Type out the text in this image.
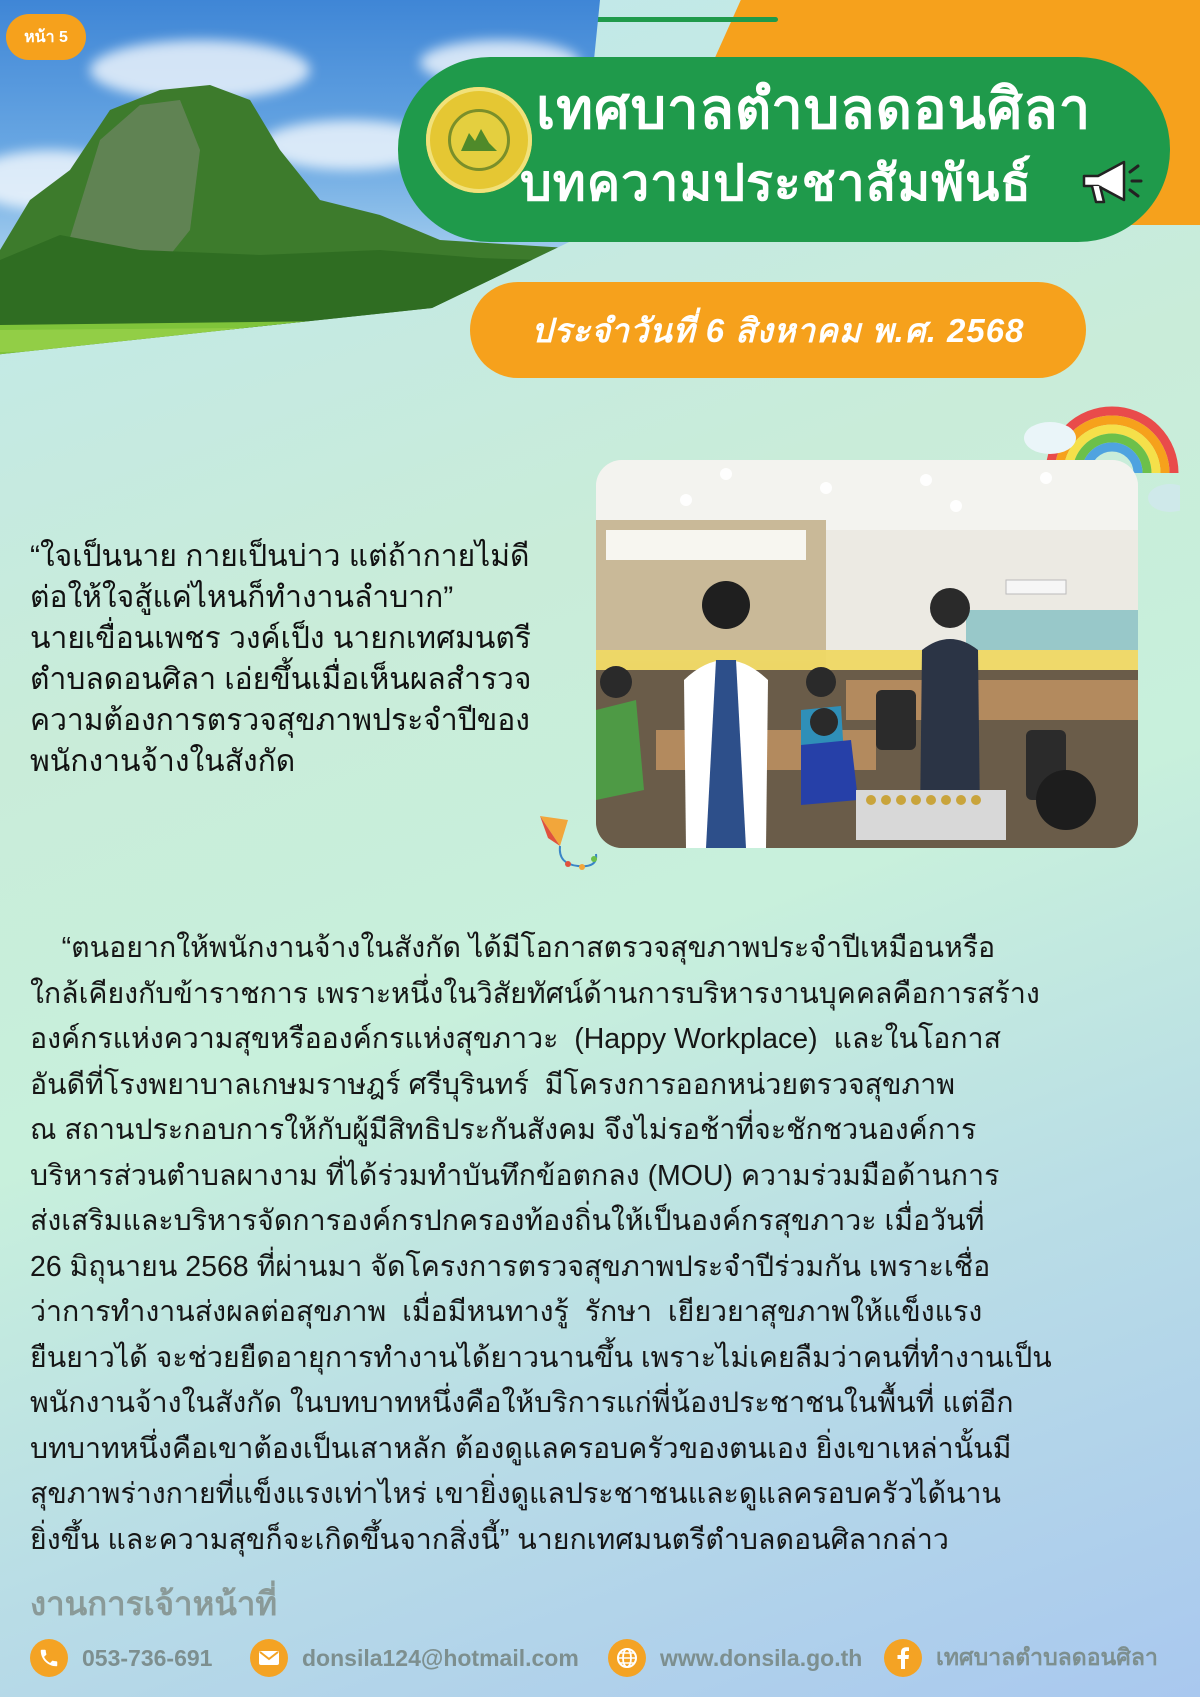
หน้า 5
เทศบาลตำบลดอนศิลา
บทความประชาสัมพันธ์
ประจำวันที่ 6 สิงหาคม พ.ศ. 2568
“ใจเป็นนาย กายเป็นบ่าว แต่ถ้ากายไม่ดี
ต่อให้ใจสู้แค่ไหนก็ทำงานลำบาก”
นายเขื่อนเพชร วงค์เป็ง นายกเทศมนตรี
ตำบลดอนศิลา เอ่ยขึ้นเมื่อเห็นผลสำรวจ
ความต้องการตรวจสุขภาพประจำปีของ
พนักงานจ้างในสังกัด
“ตนอยากให้พนักงานจ้างในสังกัด ได้มีโอกาสตรวจสุขภาพประจำปีเหมือนหรือ
ใกล้เคียงกับข้าราชการ เพราะหนึ่งในวิสัยทัศน์ด้านการบริหารงานบุคคลคือการสร้าง
องค์กรแห่งความสุขหรือองค์กรแห่งสุขภาวะ  (Happy Workplace)  และในโอกาส
อันดีที่โรงพยาบาลเกษมราษฎร์ ศรีบุรินทร์  มีโครงการออกหน่วยตรวจสุขภาพ
ณ สถานประกอบการให้กับผู้มีสิทธิประกันสังคม จึงไม่รอช้าที่จะชักชวนองค์การ
บริหารส่วนตำบลผางาม ที่ได้ร่วมทำบันทึกข้อตกลง (MOU) ความร่วมมือด้านการ
ส่งเสริมและบริหารจัดการองค์กรปกครองท้องถิ่นให้เป็นองค์กรสุขภาวะ เมื่อวันที่
26 มิถุนายน 2568 ที่ผ่านมา จัดโครงการตรวจสุขภาพประจำปีร่วมกัน เพราะเชื่อ
ว่าการทำงานส่งผลต่อสุขภาพ  เมื่อมีหนทางรู้  รักษา  เยียวยาสุขภาพให้แข็งแรง
ยืนยาวได้ จะช่วยยืดอายุการทำงานได้ยาวนานขึ้น เพราะไม่เคยลืมว่าคนที่ทำงานเป็น
พนักงานจ้างในสังกัด ในบทบาทหนึ่งคือให้บริการแก่พี่น้องประชาชนในพื้นที่ แต่อีก
บทบาทหนึ่งคือเขาต้องเป็นเสาหลัก ต้องดูแลครอบครัวของตนเอง ยิ่งเขาเหล่านั้นมี
สุขภาพร่างกายที่แข็งแรงเท่าไหร่ เขายิ่งดูแลประชาชนและดูแลครอบครัวได้นาน
ยิ่งขึ้น และความสุขก็จะเกิดขึ้นจากสิ่งนี้” นายกเทศมนตรีตำบลดอนศิลากล่าว
งานการเจ้าหน้าที่
053-736-691	donsila124@hotmail.com	www.donsila.go.th	เทศบาลตำบลดอนศิลา
